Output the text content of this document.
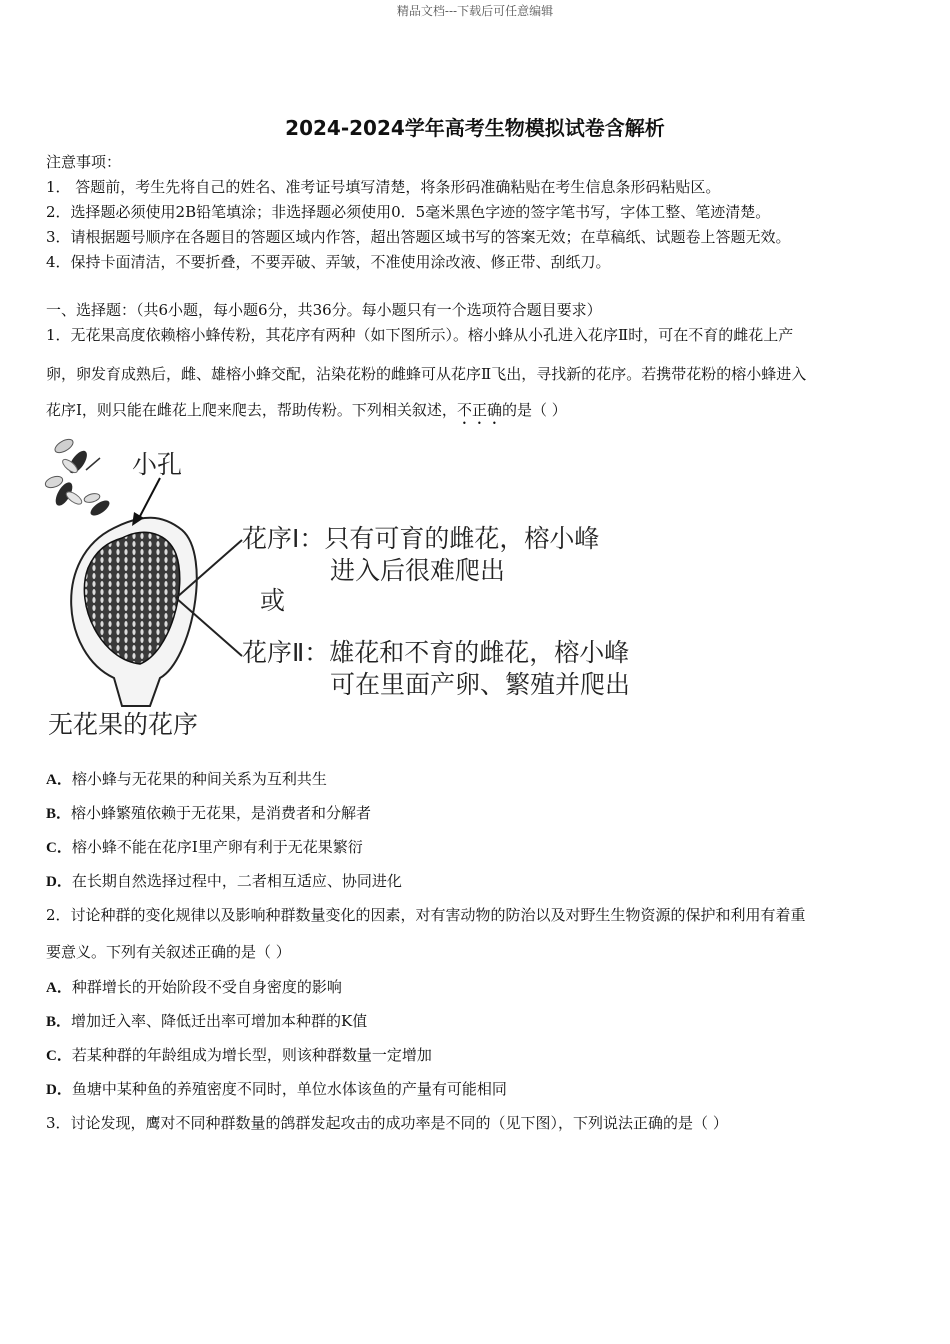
精品文档---下载后可任意编辑
2024-2024学年高考生物模拟试卷含解析
注意事项：
1． 答题前，考生先将自己的姓名、准考证号填写清楚，将条形码准确粘贴在考生信息条形码粘贴区。
2．选择题必须使用2B铅笔填涂；非选择题必须使用0．5毫米黑色字迹的签字笔书写，字体工整、笔迹清楚。
3．请根据题号顺序在各题目的答题区域内作答，超出答题区域书写的答案无效；在草稿纸、试题卷上答题无效。
4．保持卡面清洁，不要折叠，不要弄破、弄皱，不准使用涂改液、修正带、刮纸刀。
一、选择题：（共6小题，每小题6分，共36分。每小题只有一个选项符合题目要求）
1．无花果高度依赖榕小蜂传粉，其花序有两种（如下图所示）。榕小蜂从小孔进入花序Ⅱ时，可在不育的雌花上产
卵，卵发育成熟后，雌、雄榕小蜂交配，沾染花粉的雌蜂可从花序Ⅱ飞出，寻找新的花序。若携带花粉的榕小蜂进入
花序Ⅰ，则只能在雌花上爬来爬去，帮助传粉。下列相关叙述，不正确的是（ ）
小孔
花序Ⅰ：只有可育的雌花，榕小峰
进入后很难爬出
或
花序Ⅱ：雄花和不育的雌花，榕小峰
可在里面产卵、繁殖并爬出
无花果的花序
A．榕小蜂与无花果的种间关系为互利共生
B．榕小蜂繁殖依赖于无花果，是消费者和分解者
C．榕小蜂不能在花序Ⅰ里产卵有利于无花果繁衍
D．在长期自然选择过程中，二者相互适应、协同进化
2．讨论种群的变化规律以及影响种群数量变化的因素，对有害动物的防治以及对野生生物资源的保护和利用有着重
要意义。下列有关叙述正确的是（ ）
A．种群增长的开始阶段不受自身密度的影响
B．增加迁入率、降低迁出率可增加本种群的K值
C．若某种群的年龄组成为增长型，则该种群数量一定增加
D．鱼塘中某种鱼的养殖密度不同时，单位水体该鱼的产量有可能相同
3．讨论发现，鹰对不同种群数量的鸽群发起攻击的成功率是不同的（见下图），下列说法正确的是（ ）
